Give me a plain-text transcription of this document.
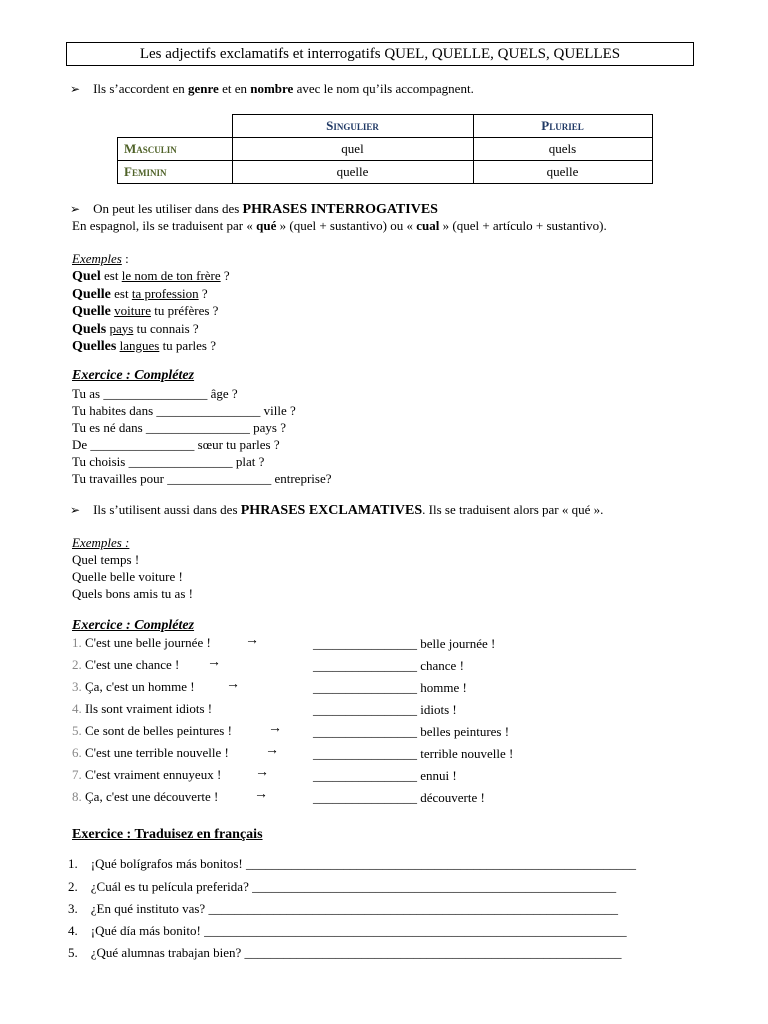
Les adjectifs exclamatifs et interrogatifs QUEL, QUELLE, QUELS, QUELLES
➢ Ils s’accordent en genre et en nombre avec le nom qu’ils accompagnent.
	Singulier	Pluriel
Masculin	quel	quels
Feminin	quelle	quelle
➢ On peut les utiliser dans des PHRASES INTERROGATIVES
En espagnol, ils se traduisent par « qué » (quel + sustantivo) ou « cual » (quel + artículo + sustantivo).
Exemples :
Quel est le nom de ton frère ?
Quelle est ta profession ?
Quelle voiture tu préfères ?
Quels pays tu connais ?
Quelles langues tu parles ?
Exercice : Complétez
Tu as ________________ âge ?
Tu habites dans ________________ ville ?
Tu es né dans ________________ pays ?
De ________________ sœur tu parles ?
Tu choisis ________________ plat ?
Tu travailles pour ________________ entreprise?
➢ Ils s’utilisent aussi dans des PHRASES EXCLAMATIVES. Ils se traduisent alors par « qué ».
Exemples :
Quel temps !
Quelle belle voiture !
Quels bons amis tu as !
Exercice : Complétez
1. C'est une belle journée ! →	________________ belle journée !
2. C'est une chance ! →	________________ chance !
3. Ça, c'est un homme ! →	________________ homme !
4. Ils sont vraiment idiots !	________________ idiots !
5. Ce sont de belles peintures !	→ ________________ belles peintures !
6. C'est une terrible nouvelle !	→	________________ terrible nouvelle !
7. C'est vraiment ennuyeux ! →	________________ ennui !
8. Ça, c'est une découverte !	→	________________ découverte !
Exercice : Traduisez en français
1. ¡Qué bolígrafos más bonitos! ____________________________________________________________
2. ¿Cuál es tu película preferida? ________________________________________________________
3. ¿En qué instituto vas? _______________________________________________________________
4. ¡Qué día más bonito! _________________________________________________________________
5. ¿Qué alumnas trabajan bien? __________________________________________________________
